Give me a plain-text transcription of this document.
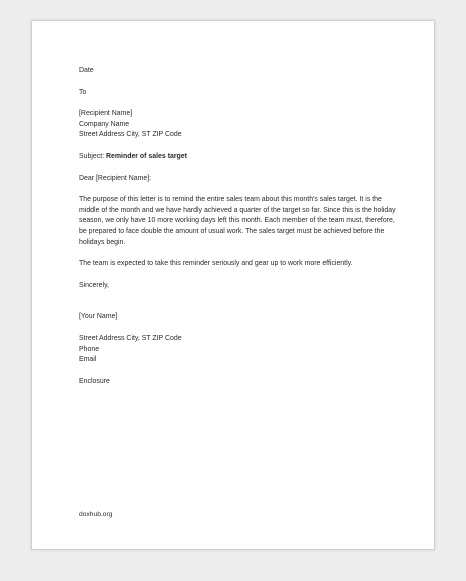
Date
To
[Recipient Name]
Company Name
Street Address City, ST ZIP Code
Subject: Reminder of sales target
Dear [Recipient Name]:

The purpose of this letter is to remind the entire sales team about this month's sales target. It is the middle of the month and we have hardly achieved a quarter of the target so far. Since this is the holiday season, we only have 10 more working days left this month. Each member of the team must, therefore, be prepared to face double the amount of usual work. The sales target must be achieved before the holidays begin.

The team is expected to take this reminder seriously and gear up to work more efficiently.

Sincerely,
[Your Name]
Street Address City, ST ZIP Code
Phone
Email
Enclosure
doxhub.org
